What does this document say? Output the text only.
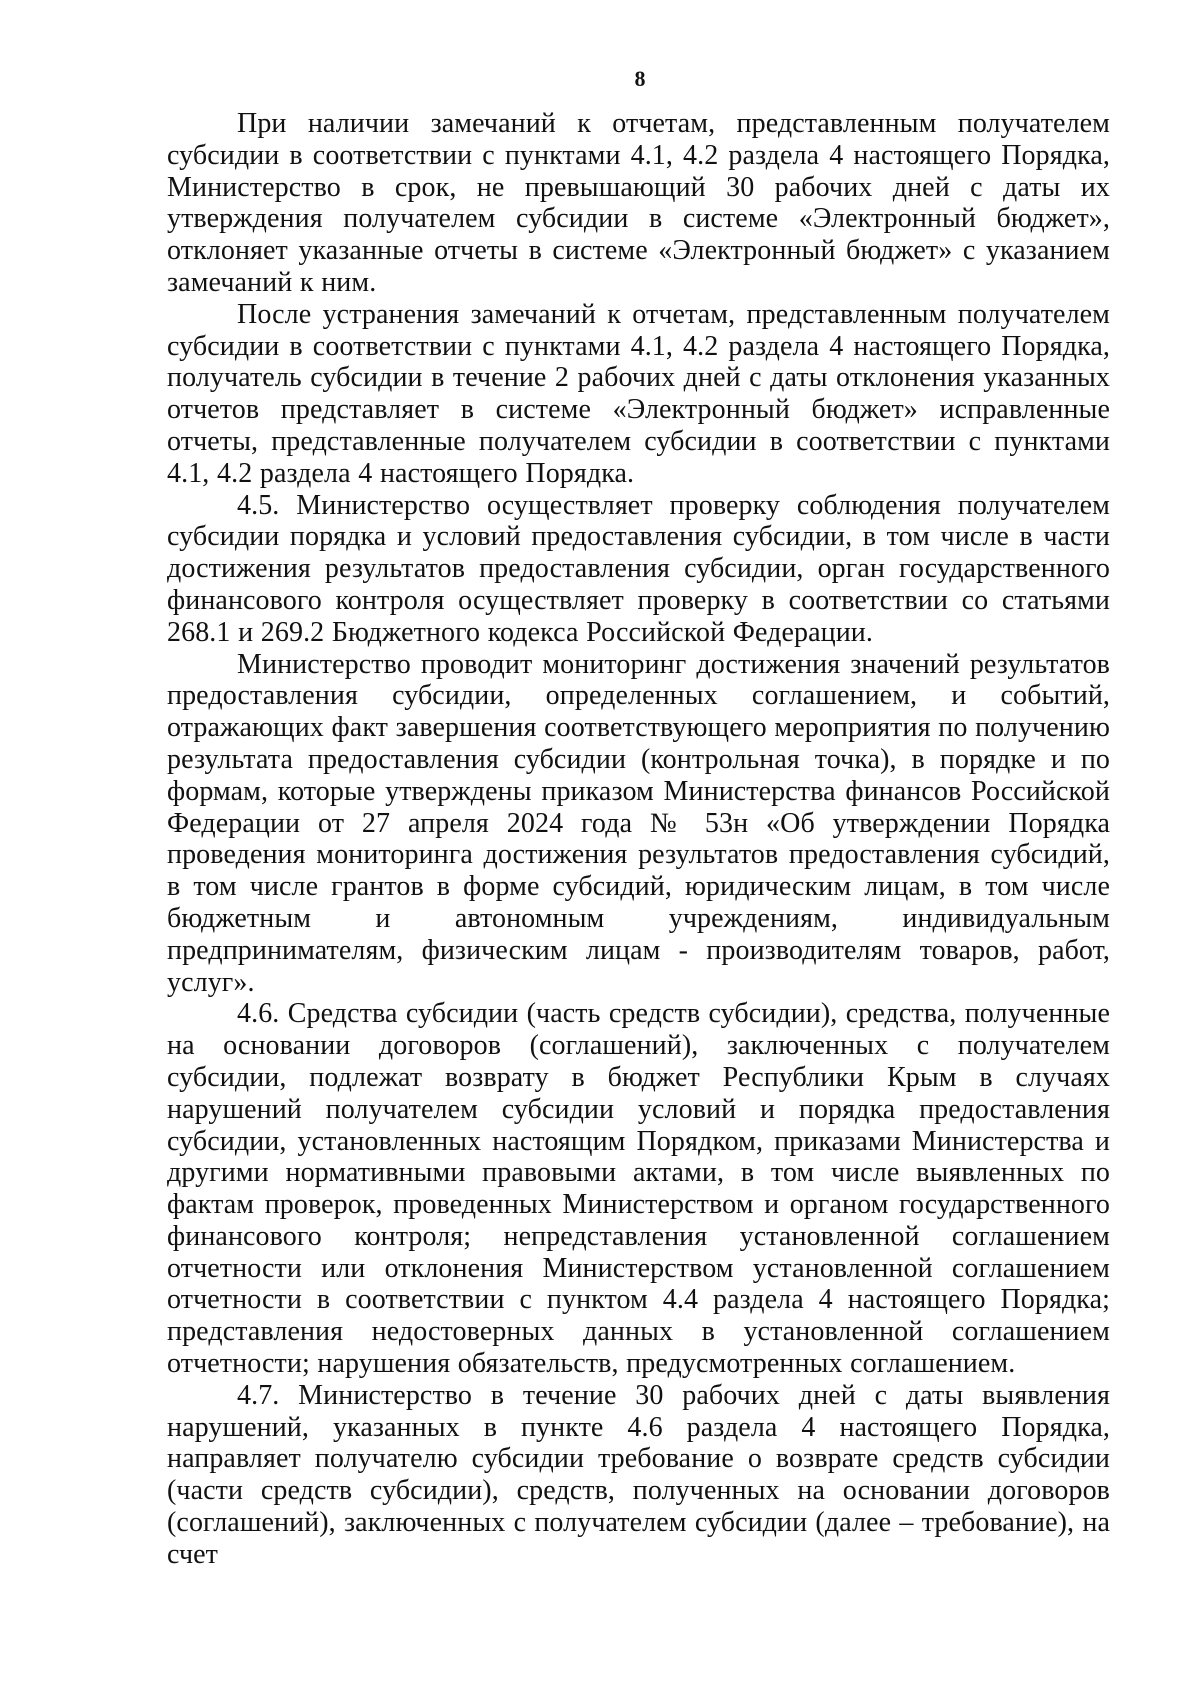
8

При наличии замечаний к отчетам, представленным получателем субсидии в соответствии с пунктами 4.1, 4.2 раздела 4 настоящего Порядка, Министерство в срок, не превышающий 30 рабочих дней с даты их утверждения получателем субсидии в системе «Электронный бюджет», отклоняет указанные отчеты в системе «Электронный бюджет» с указанием замечаний к ним.

После устранения замечаний к отчетам, представленным получателем субсидии в соответствии с пунктами 4.1, 4.2 раздела 4 настоящего Порядка, получатель субсидии в течение 2 рабочих дней с даты отклонения указанных отчетов представляет в системе «Электронный бюджет» исправленные отчеты, представленные получателем субсидии в соответствии с пунктами 4.1, 4.2 раздела 4 настоящего Порядка.

4.5. Министерство осуществляет проверку соблюдения получателем субсидии порядка и условий предоставления субсидии, в том числе в части достижения результатов предоставления субсидии, орган государственного финансового контроля осуществляет проверку в соответствии со статьями 268.1 и 269.2 Бюджетного кодекса Российской Федерации.

Министерство проводит мониторинг достижения значений результатов предоставления субсидии, определенных соглашением, и событий, отражающих факт завершения соответствующего мероприятия по получению результата предоставления субсидии (контрольная точка), в порядке и по формам, которые утверждены приказом Министерства финансов Российской Федерации от 27 апреля 2024 года № 53н «Об утверждении Порядка проведения мониторинга достижения результатов предоставления субсидий, в том числе грантов в форме субсидий, юридическим лицам, в том числе бюджетным и автономным учреждениям, индивидуальным предпринимателям, физическим лицам - производителям товаров, работ, услуг».

4.6. Средства субсидии (часть средств субсидии), средства, полученные на основании договоров (соглашений), заключенных с получателем субсидии, подлежат возврату в бюджет Республики Крым в случаях нарушений получателем субсидии условий и порядка предоставления субсидии, установленных настоящим Порядком, приказами Министерства и другими нормативными правовыми актами, в том числе выявленных по фактам проверок, проведенных Министерством и органом государственного финансового контроля; непредставления установленной соглашением отчетности или отклонения Министерством установленной соглашением отчетности в соответствии с пунктом 4.4 раздела 4 настоящего Порядка; представления недостоверных данных в установленной соглашением отчетности; нарушения обязательств, предусмотренных соглашением.

4.7. Министерство в течение 30 рабочих дней с даты выявления нарушений, указанных в пункте 4.6 раздела 4 настоящего Порядка, направляет получателю субсидии требование о возврате средств субсидии (части средств субсидии), средств, полученных на основании договоров (соглашений), заключенных с получателем субсидии (далее – требование), на счет
